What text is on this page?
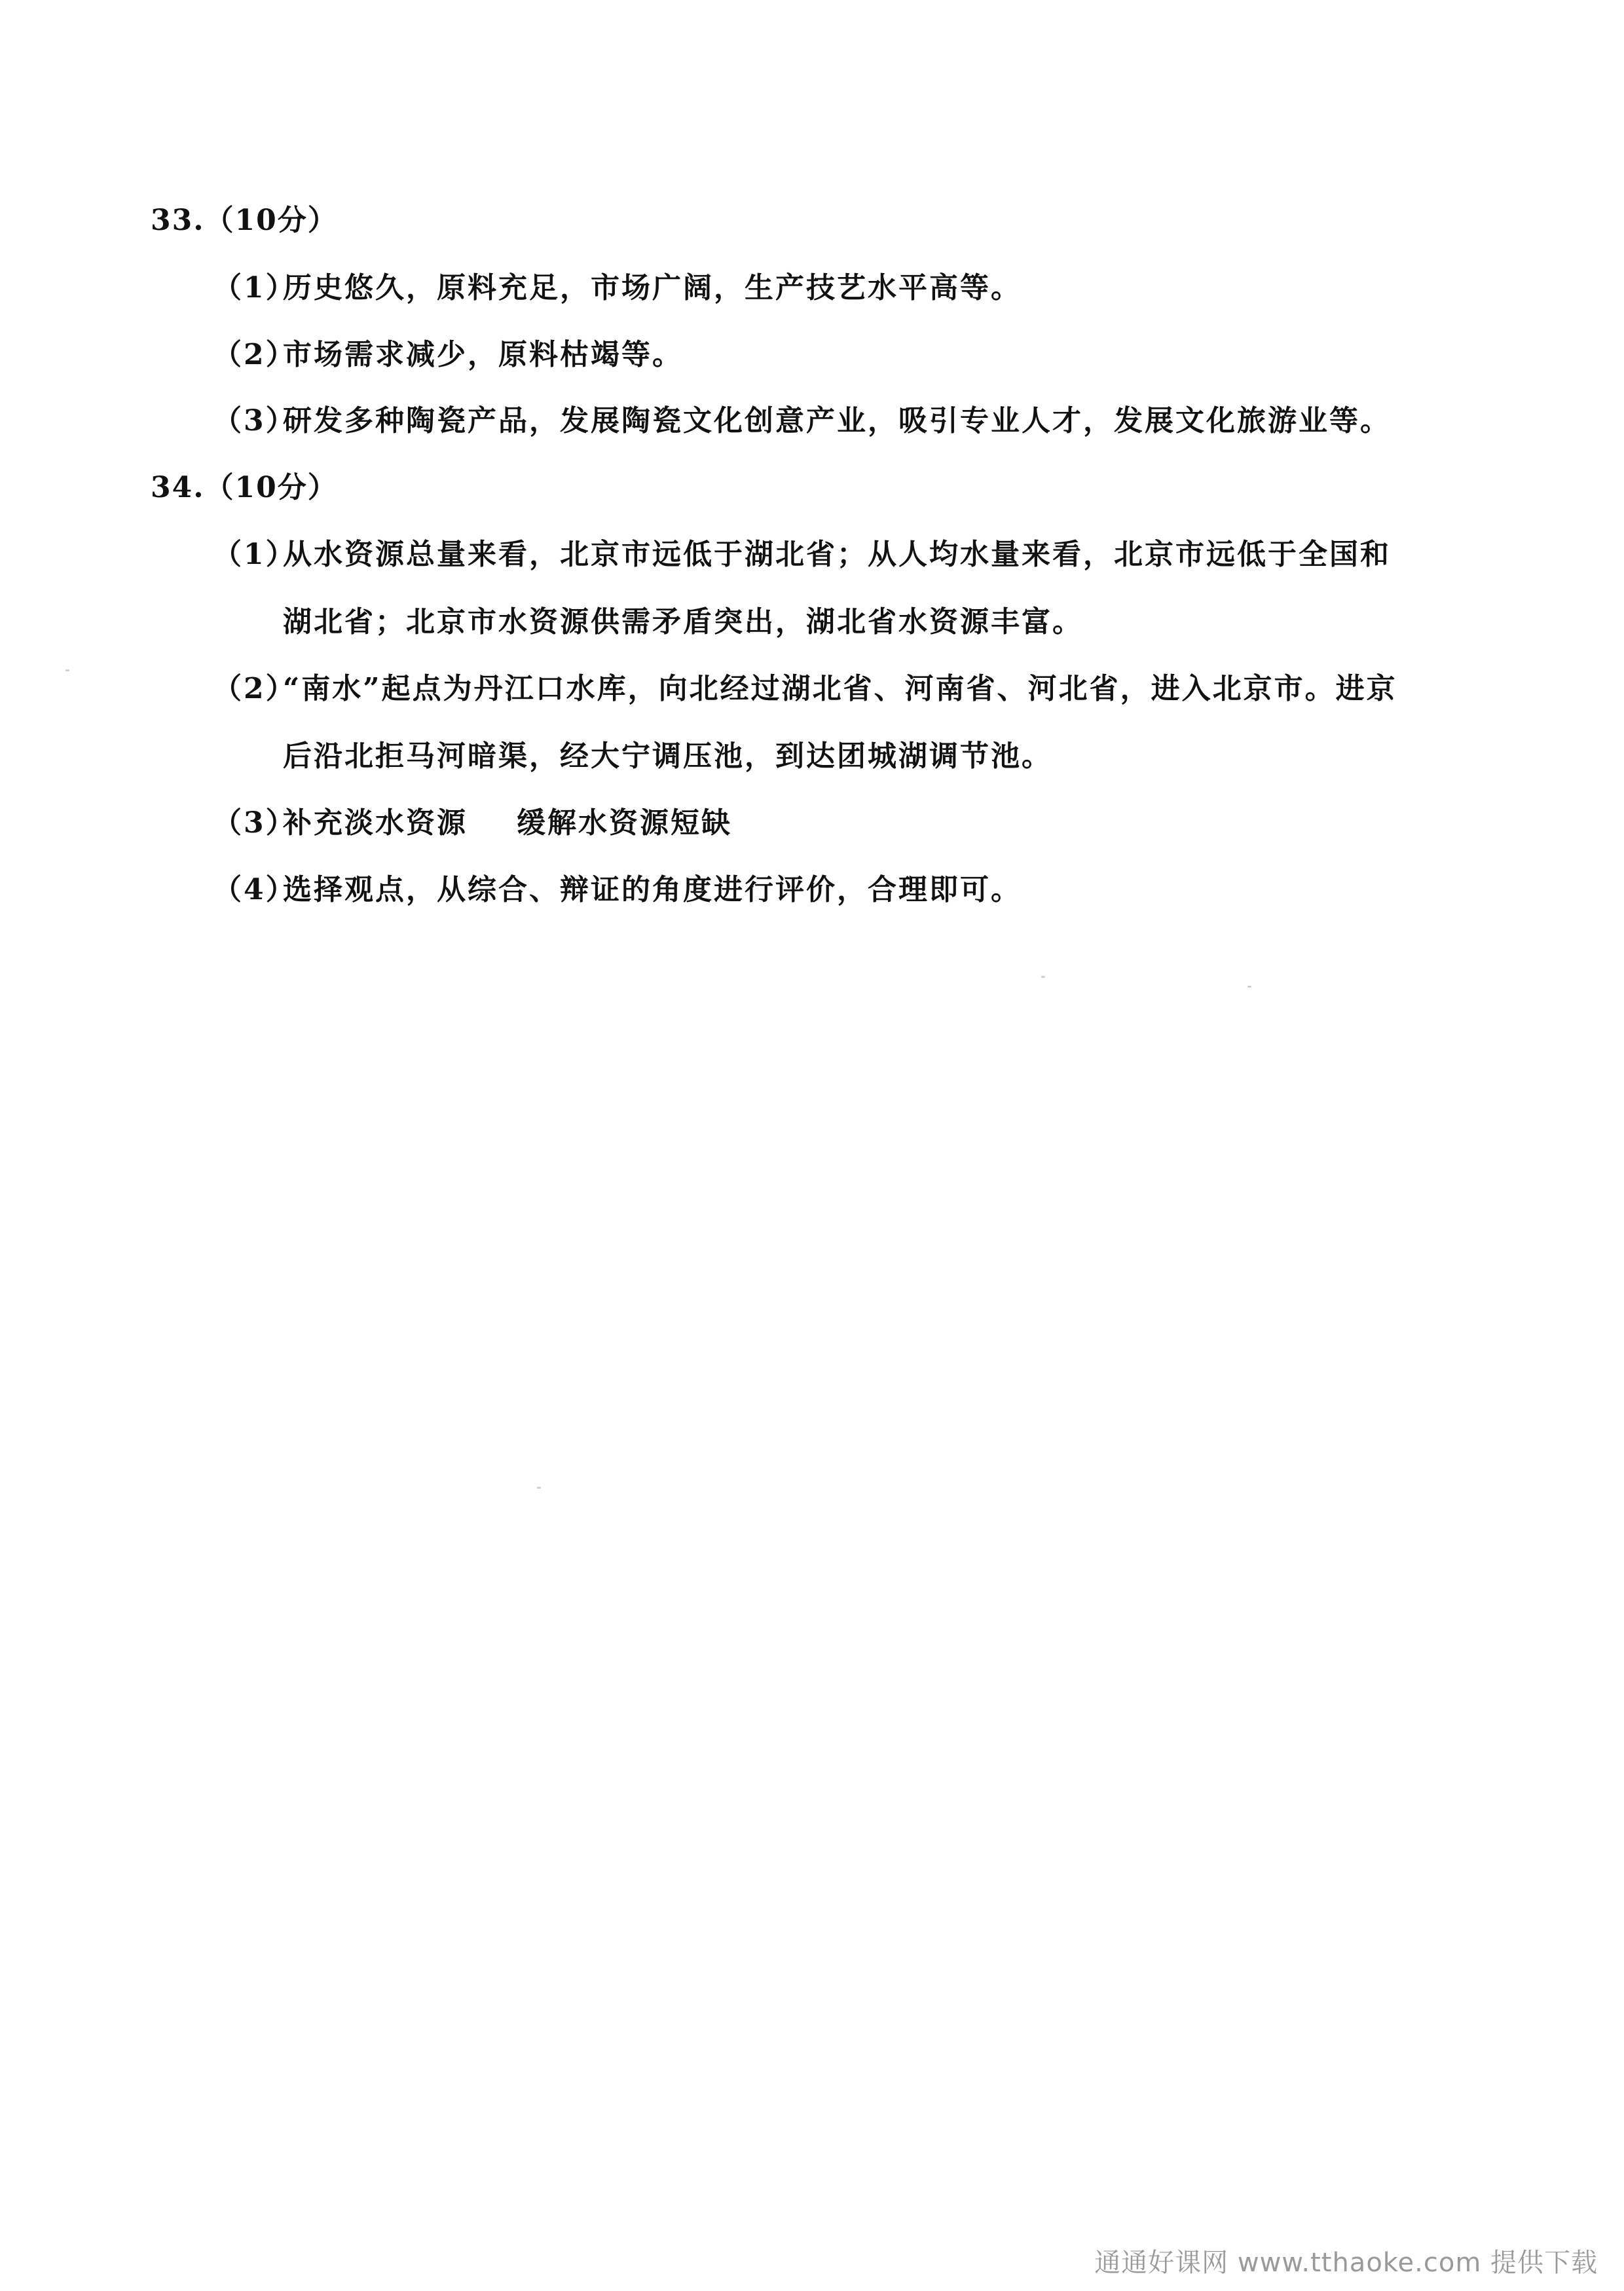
33.（10分）
（1）历史悠久，原料充足，市场广阔，生产技艺水平高等。
（2）市场需求减少，原料枯竭等。
（3）研发多种陶瓷产品，发展陶瓷文化创意产业，吸引专业人才，发展文化旅游业等。
34.（10分）
（1）从水资源总量来看，北京市远低于湖北省；从人均水量来看，北京市远低于全国和
湖北省；北京市水资源供需矛盾突出，湖北省水资源丰富。
（2）“南水”起点为丹江口水库，向北经过湖北省、河南省、河北省，进入北京市。进京
后沿北拒马河暗渠，经大宁调压池，到达团城湖调节池。
（3）补充淡水资源 缓解水资源短缺
（4）选择观点，从综合、辩证的角度进行评价，合理即可。
通通好课网 www.tthaoke.com 提供下载
